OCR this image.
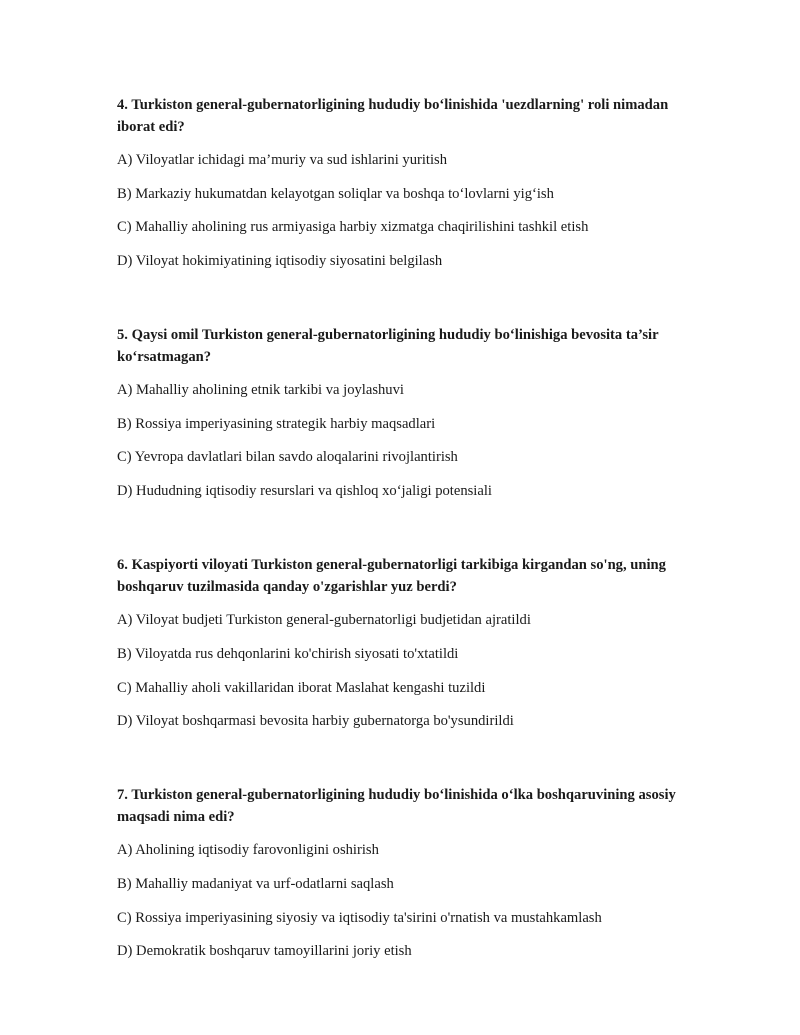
4. Turkiston general-gubernatorligining hududiy bo‘linishida 'uezdlarning' roli nimadan iborat edi?
A) Viloyatlar ichidagi ma’muriy va sud ishlarini yuritish
B) Markaziy hukumatdan kelayotgan soliqlar va boshqa to‘lovlarni yig‘ish
C) Mahalliy aholining rus armiyasiga harbiy xizmatga chaqirilishini tashkil etish
D) Viloyat hokimiyatining iqtisodiy siyosatini belgilash
5. Qaysi omil Turkiston general-gubernatorligining hududiy bo‘linishiga bevosita ta’sir ko‘rsatmagan?
A) Mahalliy aholining etnik tarkibi va joylashuvi
B) Rossiya imperiyasining strategik harbiy maqsadlari
C) Yevropa davlatlari bilan savdo aloqalarini rivojlantirish
D) Hududning iqtisodiy resurslari va qishloq xo‘jaligi potensiali
6. Kaspiyorti viloyati Turkiston general-gubernatorligi tarkibiga kirgandan so'ng, uning boshqaruv tuzilmasida qanday o'zgarishlar yuz berdi?
A) Viloyat budjeti Turkiston general-gubernatorligi budjetidan ajratildi
B) Viloyatda rus dehqonlarini ko'chirish siyosati to'xtatildi
C) Mahalliy aholi vakillaridan iborat Maslahat kengashi tuzildi
D) Viloyat boshqarmasi bevosita harbiy gubernatorga bo'ysundirildi
7. Turkiston general-gubernatorligining hududiy bo‘linishida o‘lka boshqaruvining asosiy maqsadi nima edi?
A) Aholining iqtisodiy farovonligini oshirish
B) Mahalliy madaniyat va urf-odatlarni saqlash
C) Rossiya imperiyasining siyosiy va iqtisodiy ta'sirini o'rnatish va mustahkamlash
D) Demokratik boshqaruv tamoyillarini joriy etish
